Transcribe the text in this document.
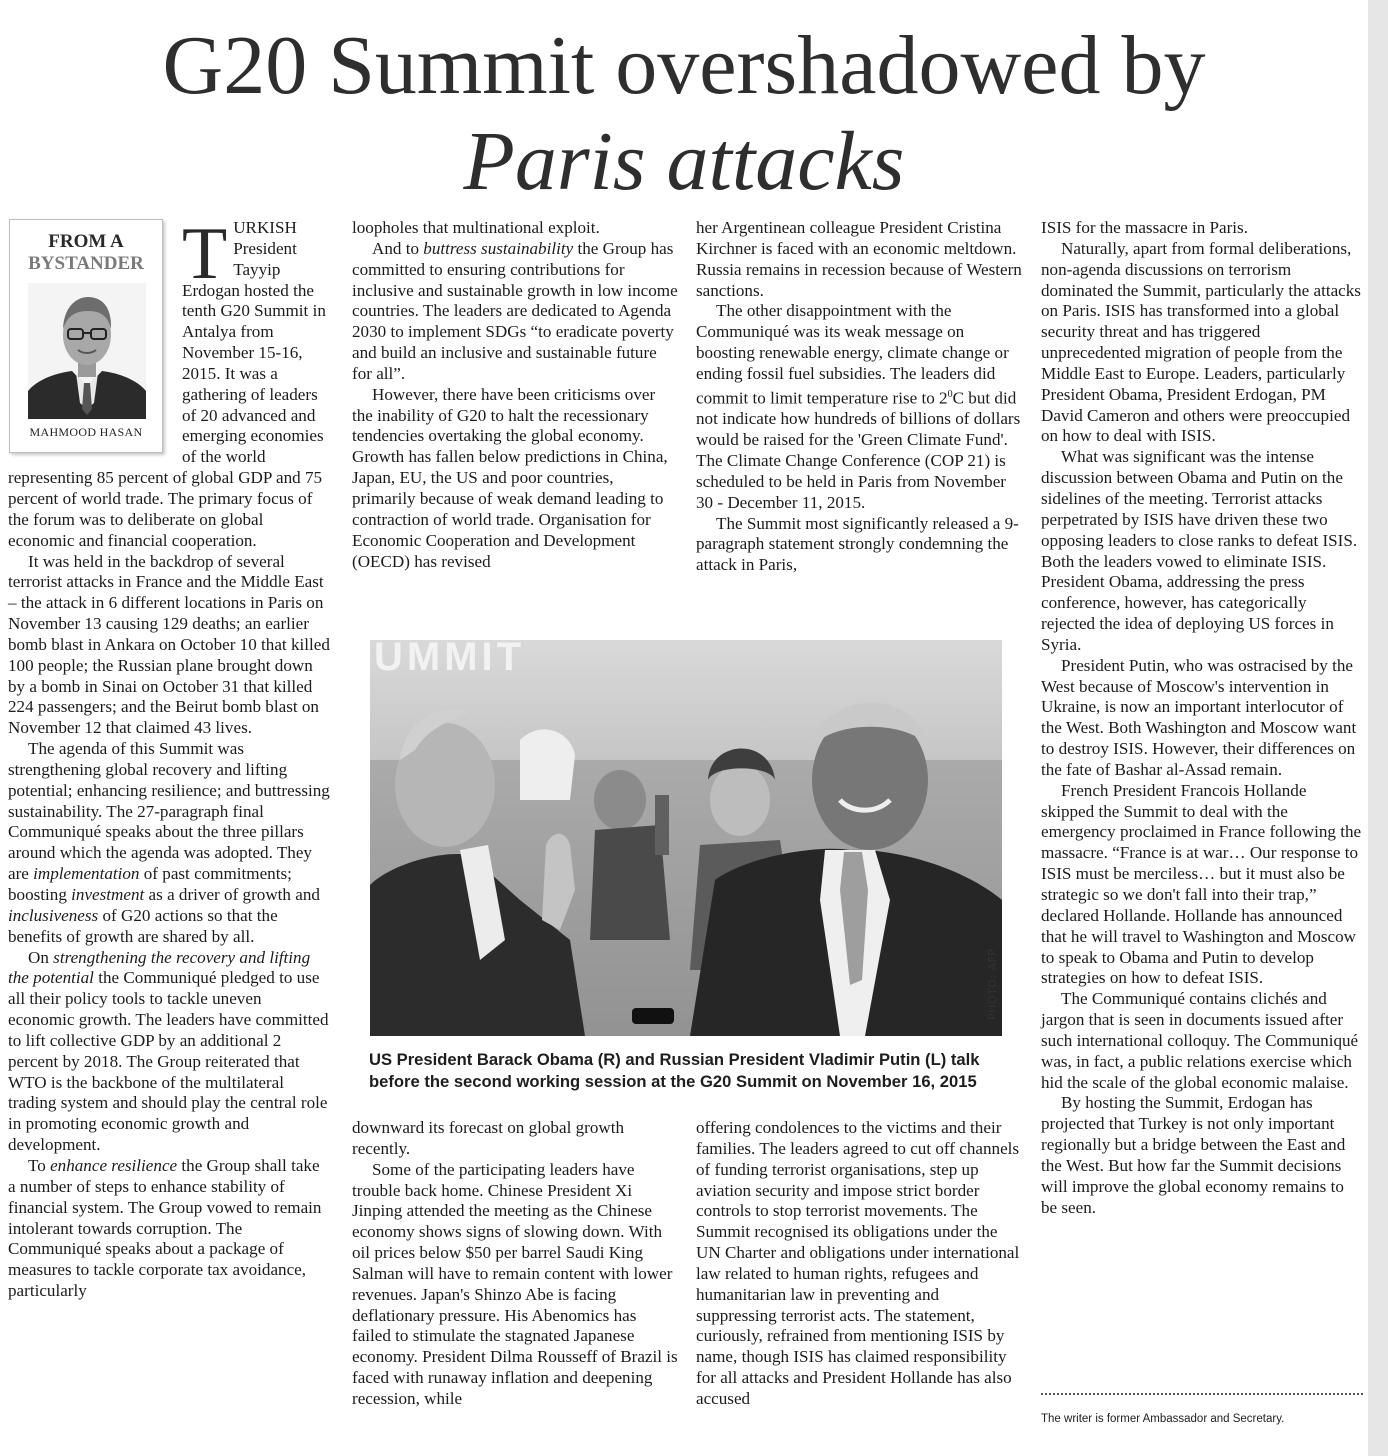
G20 Summit overshadowed by
Paris attacks
FROM A
BYSTANDER
MAHMOOD HASAN

TURKISH President Tayyip Erdogan hosted the tenth G20 Summit in Antalya from November 15-16, 2015. It was a gathering of leaders of 20 advanced and emerging economies of the world representing 85 percent of global GDP and 75 percent of world trade. The primary focus of the forum was to deliberate on global economic and financial cooperation.

It was held in the backdrop of several terrorist attacks in France and the Middle East – the attack in 6 different locations in Paris on November 13 causing 129 deaths; an earlier bomb blast in Ankara on October 10 that killed 100 people; the Russian plane brought down by a bomb in Sinai on October 31 that killed 224 passengers; and the Beirut bomb blast on November 12 that claimed 43 lives.

The agenda of this Summit was strengthening global recovery and lifting potential; enhancing resilience; and buttressing sustainability. The 27-paragraph final Communiqué speaks about the three pillars around which the agenda was adopted. They are implementation of past commitments; boosting investment as a driver of growth and inclusiveness of G20 actions so that the benefits of growth are shared by all.

On strengthening the recovery and lifting the potential the Communiqué pledged to use all their policy tools to tackle uneven economic growth. The leaders have committed to lift collective GDP by an additional 2 percent by 2018. The Group reiterated that WTO is the backbone of the multilateral trading system and should play the central role in promoting economic growth and development.

To enhance resilience the Group shall take a number of steps to enhance stability of financial system. The Group vowed to remain intolerant towards corruption. The Communiqué speaks about a package of measures to tackle corporate tax avoidance, particularly

loopholes that multinational exploit.

And to buttress sustainability the Group has committed to ensuring contributions for inclusive and sustainable growth in low income countries. The leaders are dedicated to Agenda 2030 to implement SDGs “to eradicate poverty and build an inclusive and sustainable future for all”.

However, there have been criticisms over the inability of G20 to halt the recessionary tendencies overtaking the global economy. Growth has fallen below predictions in China, Japan, EU, the US and poor countries, primarily because of weak demand leading to contraction of world trade. Organisation for Economic Cooperation and Development (OECD) has revised

her Argentinean colleague President Cristina Kirchner is faced with an economic meltdown. Russia remains in recession because of Western sanctions.

The other disappointment with the Communiqué was its weak message on boosting renewable energy, climate change or ending fossil fuel subsidies. The leaders did commit to limit temperature rise to $2^0C$ but did not indicate how hundreds of billions of dollars would be raised for the 'Green Climate Fund'. The Climate Change Conference (COP 21) is scheduled to be held in Paris from November 30 - December 11, 2015.

The Summit most significantly released a 9-paragraph statement strongly condemning the attack in Paris,

UMMIT
PHOTO: AFP
US President Barack Obama (R) and Russian President Vladimir Putin (L) talk before the second working session at the G20 Summit on November 16, 2015

downward its forecast on global growth recently.

Some of the participating leaders have trouble back home. Chinese President Xi Jinping attended the meeting as the Chinese economy shows signs of slowing down. With oil prices below $50 per barrel Saudi King Salman will have to remain content with lower revenues. Japan's Shinzo Abe is facing deflationary pressure. His Abenomics has failed to stimulate the stagnated Japanese economy. President Dilma Rousseff of Brazil is faced with runaway inflation and deepening recession, while

offering condolences to the victims and their families. The leaders agreed to cut off channels of funding terrorist organisations, step up aviation security and impose strict border controls to stop terrorist movements. The Summit recognised its obligations under the UN Charter and obligations under international law related to human rights, refugees and humanitarian law in preventing and suppressing terrorist acts. The statement, curiously, refrained from mentioning ISIS by name, though ISIS has claimed responsibility for all attacks and President Hollande has also accused

ISIS for the massacre in Paris.

Naturally, apart from formal deliberations, non-agenda discussions on terrorism dominated the Summit, particularly the attacks on Paris. ISIS has transformed into a global security threat and has triggered unprecedented migration of people from the Middle East to Europe. Leaders, particularly President Obama, President Erdogan, PM David Cameron and others were preoccupied on how to deal with ISIS.

What was significant was the intense discussion between Obama and Putin on the sidelines of the meeting. Terrorist attacks perpetrated by ISIS have driven these two opposing leaders to close ranks to defeat ISIS. Both the leaders vowed to eliminate ISIS. President Obama, addressing the press conference, however, has categorically rejected the idea of deploying US forces in Syria.

President Putin, who was ostracised by the West because of Moscow's intervention in Ukraine, is now an important interlocutor of the West. Both Washington and Moscow want to destroy ISIS. However, their differences on the fate of Bashar al-Assad remain.

French President Francois Hollande skipped the Summit to deal with the emergency proclaimed in France following the massacre. “France is at war… Our response to ISIS must be merciless… but it must also be strategic so we don't fall into their trap,” declared Hollande. Hollande has announced that he will travel to Washington and Moscow to speak to Obama and Putin to develop strategies on how to defeat ISIS.

The Communiqué contains clichés and jargon that is seen in documents issued after such international colloquy. The Communiqué was, in fact, a public relations exercise which hid the scale of the global economic malaise.

By hosting the Summit, Erdogan has projected that Turkey is not only important regionally but a bridge between the East and the West. But how far the Summit decisions will improve the global economy remains to be seen.

The writer is former Ambassador and Secretary.
